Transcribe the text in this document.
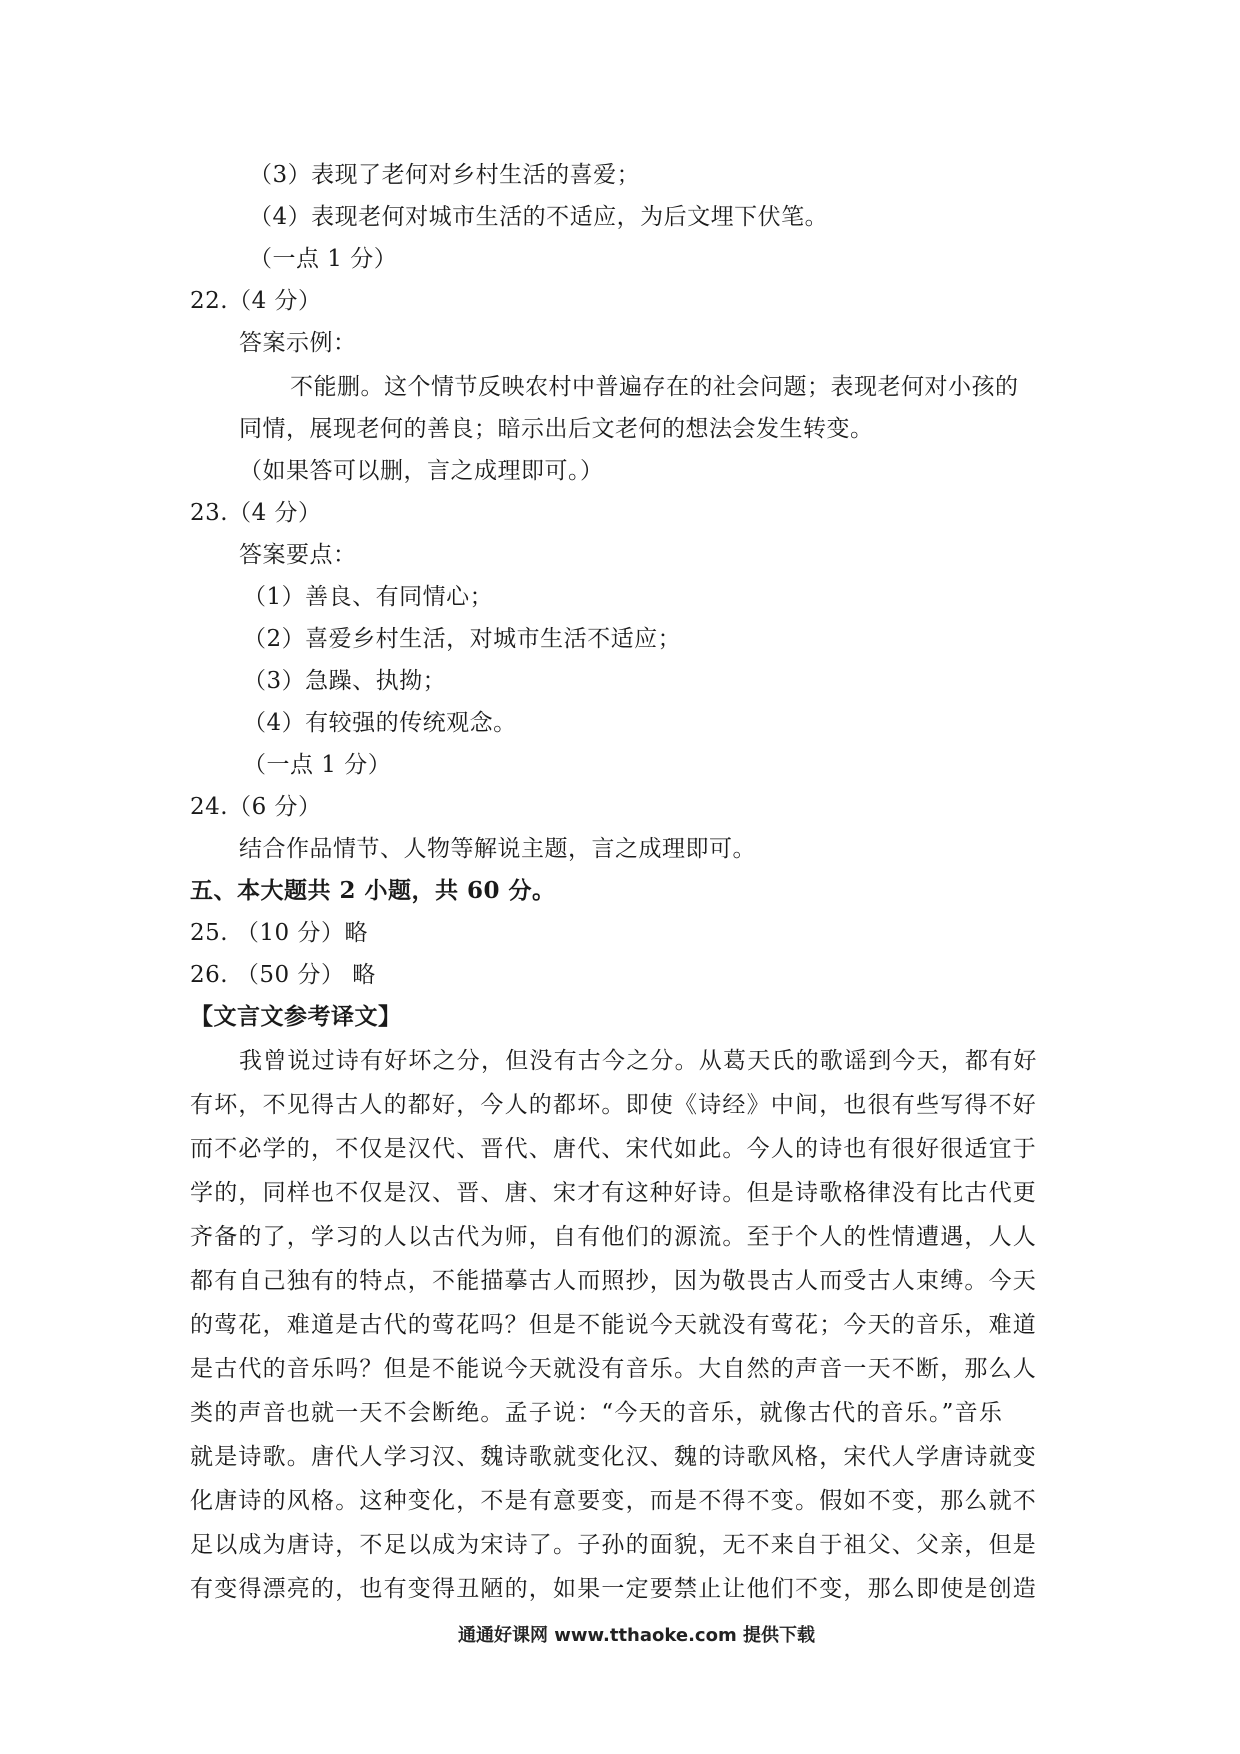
（3）表现了老何对乡村生活的喜爱；
（4）表现老何对城市生活的不适应，为后文埋下伏笔。
（一点 1 分）
22.（4 分）
答案示例：
不能删。这个情节反映农村中普遍存在的社会问题；表现老何对小孩的
同情，展现老何的善良；暗示出后文老何的想法会发生转变。
（如果答可以删，言之成理即可。）
23.（4 分）
答案要点：
（1）善良、有同情心；
（2）喜爱乡村生活，对城市生活不适应；
（3）急躁、执拗；
（4）有较强的传统观念。
（一点 1 分）
24.（6 分）
结合作品情节、人物等解说主题，言之成理即可。
五、本大题共 2 小题，共 60 分。
25. （10 分）略
26. （50 分） 略
【文言文参考译文】
我曾说过诗有好坏之分，但没有古今之分。从葛天氏的歌谣到今天，都有好
有坏，不见得古人的都好，今人的都坏。即使《诗经》中间，也很有些写得不好
而不必学的，不仅是汉代、晋代、唐代、宋代如此。今人的诗也有很好很适宜于
学的，同样也不仅是汉、晋、唐、宋才有这种好诗。但是诗歌格律没有比古代更
齐备的了，学习的人以古代为师，自有他们的源流。至于个人的性情遭遇，人人
都有自己独有的特点，不能描摹古人而照抄，因为敬畏古人而受古人束缚。今天
的莺花，难道是古代的莺花吗？但是不能说今天就没有莺花；今天的音乐，难道
是古代的音乐吗？但是不能说今天就没有音乐。大自然的声音一天不断，那么人
类的声音也就一天不会断绝。孟子说：“今天的音乐，就像古代的音乐。”音乐
就是诗歌。唐代人学习汉、魏诗歌就变化汉、魏的诗歌风格，宋代人学唐诗就变
化唐诗的风格。这种变化，不是有意要变，而是不得不变。假如不变，那么就不
足以成为唐诗，不足以成为宋诗了。子孙的面貌，无不来自于祖父、父亲，但是
有变得漂亮的，也有变得丑陋的，如果一定要禁止让他们不变，那么即使是创造
通通好课网 www.tthaoke.com 提供下载
